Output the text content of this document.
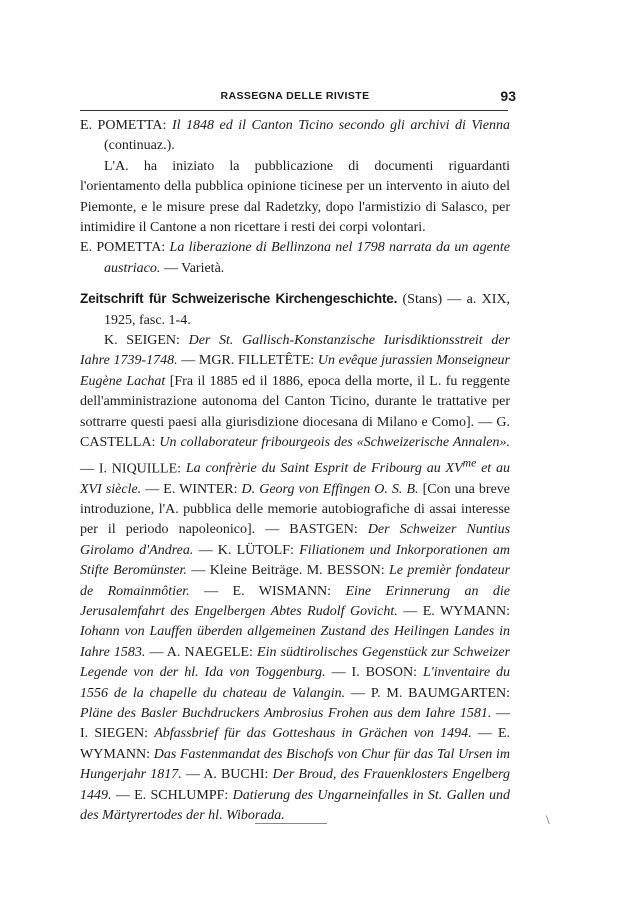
RASSEGNA DELLE RIVISTE	93

E. POMETTA: Il 1848 ed il Canton Ticino secondo gli archivi di Vienna (continuaz.).

L'A. ha iniziato la pubblicazione di documenti riguardanti l'orientamento della pubblica opinione ticinese per un intervento in aiuto del Piemonte, e le misure prese dal Radetzky, dopo l'armistizio di Salasco, per intimidire il Cantone a non ricettare i resti dei corpi volontari.

E. POMETTA: La liberazione di Bellinzona nel 1798 narrata da un agente austriaco. — Varietà.

Zeitschrift für Schweizerische Kirchengeschichte. (Stans) — a. XIX, 1925, fasc. 1-4.

K. SEIGEN: Der St. Gallisch-Konstanzische Iurisdiktionsstreit der Iahre 1739-1748. — MGR. FILLETÊTE: Un evêque jurassien Monseigneur Eugène Lachat [Fra il 1885 ed il 1886, epoca della morte, il L. fu reggente dell'amministrazione autonoma del Canton Ticino, durante le trattative per sottrarre questi paesi alla giurisdizione diocesana di Milano e Como]. — G. CASTELLA: Un collaborateur fribourgeois des «Schweizerische Annalen». — I. NIQUILLE: La confrèrie du Saint Esprit de Fribourg au $XV^{me}$ et au XVI siècle. — E. WINTER: D. Georg von Effingen O. S. B. [Con una breve introduzione, l'A. pubblica delle memorie autobiografiche di assai interesse per il periodo napoleonico]. — BASTGEN: Der Schweizer Nuntius Girolamo d'Andrea. — K. LÜTOLF: Filiationem und Inkorporationen am Stifte Beromünster. — Kleine Beiträge. M. BESSON: Le premièr fondateur de Romainmôtier. — E. WISMANN: Eine Erinnerung an die Jerusalemfahrt des Engelbergen Abtes Rudolf Govicht. — E. WYMANN: Iohann von Lauffen überden allgemeinen Zustand des Heilingen Landes in Iahre 1583. — A. NAEGELE: Ein südtirolisches Gegenstück zur Schweizer Legende von der hl. Ida von Toggenburg. — I. BOSON: L'inventaire du 1556 de la chapelle du chateau de Valangin. — P. M. BAUMGARTEN: Pläne des Basler Buchdruckers Ambrosius Frohen aus dem Iahre 1581. — I. SIEGEN: Abfassbrief für das Gotteshaus in Grächen von 1494. — E. WYMANN: Das Fastenmandat des Bischofs von Chur für das Tal Ursen im Hungerjahr 1817. — A. BUCHI: Der Broud, des Frauenklosters Engelberg 1449. — E. SCHLUMPF: Datierung des Ungarneinfalles in St. Gallen und des Märtyrertodes der hl. Wiborada.	\
